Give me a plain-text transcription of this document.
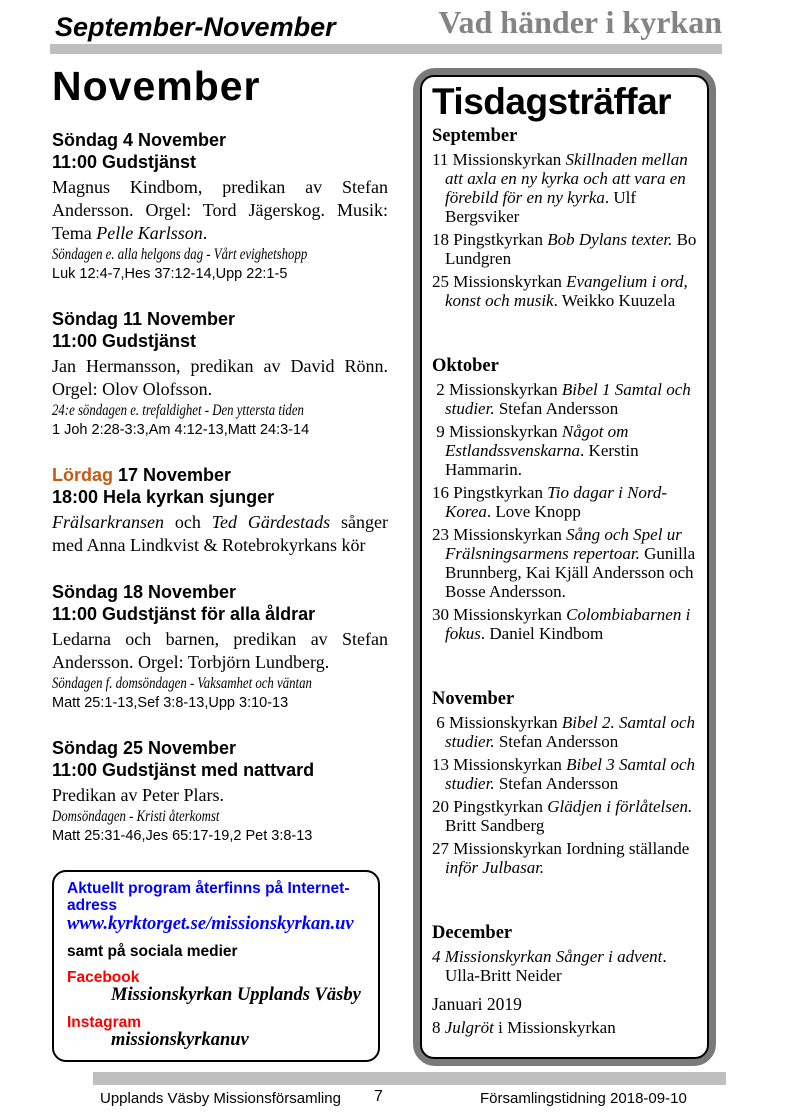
September-November	Vad händer i kyrkan
November
Söndag 4 November
11:00 Gudstjänst

Magnus Kindbom, predikan av Stefan Andersson. Orgel: Tord Jägerskog. Musik: Tema Pelle Karlsson.

Söndagen e. alla helgons dag - Vårt evighetshopp
Luk 12:4-7,Hes 37:12-14,Upp 22:1-5
Söndag 11 November
11:00 Gudstjänst

Jan Hermansson, predikan av David Rönn. Orgel: Olov Olofsson.

24:e söndagen e. trefaldighet - Den yttersta tiden
1 Joh 2:28-3:3,Am 4:12-13,Matt 24:3-14
Lördag 17 November
18:00 Hela kyrkan sjunger

Frälsarkransen och Ted Gärdestads sånger med Anna Lindkvist & Rotebrokyrkans kör

Söndag 18 November
11:00 Gudstjänst för alla åldrar

Ledarna och barnen, predikan av Stefan Andersson. Orgel: Torbjörn Lundberg.

Söndagen f. domsöndagen - Vaksamhet och väntan
Matt 25:1-13,Sef 3:8-13,Upp 3:10-13
Söndag 25 November
11:00 Gudstjänst med nattvard

Predikan av Peter Plars.

Domsöndagen - Kristi återkomst
Matt 25:31-46,Jes 65:17-19,2 Pet 3:8-13
Aktuellt program återfinns på Internet-adress
www.kyrktorget.se/missionskyrkan.uv
samt på sociala medier
Facebook
Missionskyrkan Upplands Väsby
Instagram
missionskyrkanuv
Tisdagsträffar
September
11 Missionskyrkan Skillnaden mellan att axla en ny kyrka och att vara en förebild för en ny kyrka. Ulf Bergsviker
18 Pingstkyrkan Bob Dylans texter. Bo Lundgren
25 Missionskyrkan Evangelium i ord, konst och musik. Weikko Kuuzela
Oktober
2 Missionskyrkan Bibel 1 Samtal och studier. Stefan Andersson
9 Missionskyrkan Något om Estlandssvenskarna. Kerstin Hammarin.
16 Pingstkyrkan Tio dagar i Nord-Korea. Love Knopp
23 Missionskyrkan Sång och Spel ur Frälsningsarmens repertoar. Gunilla Brunnberg, Kai Kjäll Andersson och Bosse Andersson.
30 Missionskyrkan Colombiabarnen i fokus. Daniel Kindbom
November
6 Missionskyrkan Bibel 2. Samtal och studier. Stefan Andersson
13 Missionskyrkan Bibel 3 Samtal och studier. Stefan Andersson
20 Pingstkyrkan Glädjen i förlåtelsen. Britt Sandberg
27 Missionskyrkan Iordning ställande inför Julbasar.
December
4 Missionskyrkan Sånger i advent. Ulla-Britt Neider
Januari 2019
8 Julgröt i Missionskyrkan
Upplands Väsby Missionsförsamling 7	Församlingstidning 2018-09-10
